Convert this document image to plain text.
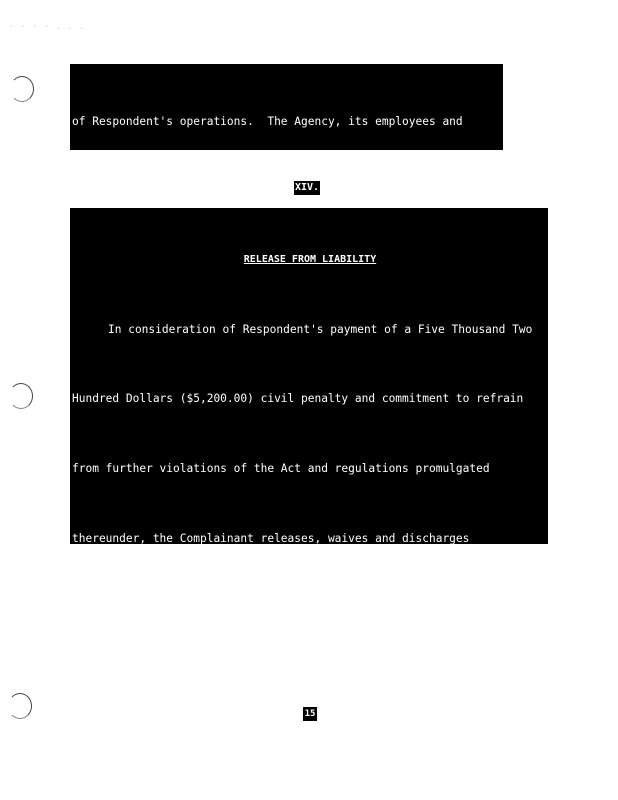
· · · · . . .

of Respondent's operations.  The Agency, its employees and

XIV.

RELEASE FROM LIABILITY

In consideration of Respondent's payment of a Five Thousand Two

Hundred Dollars ($5,200.00) civil penalty and commitment to refrain

from further violations of the Act and regulations promulgated

thereunder, the Complainant releases, waives and discharges

15
